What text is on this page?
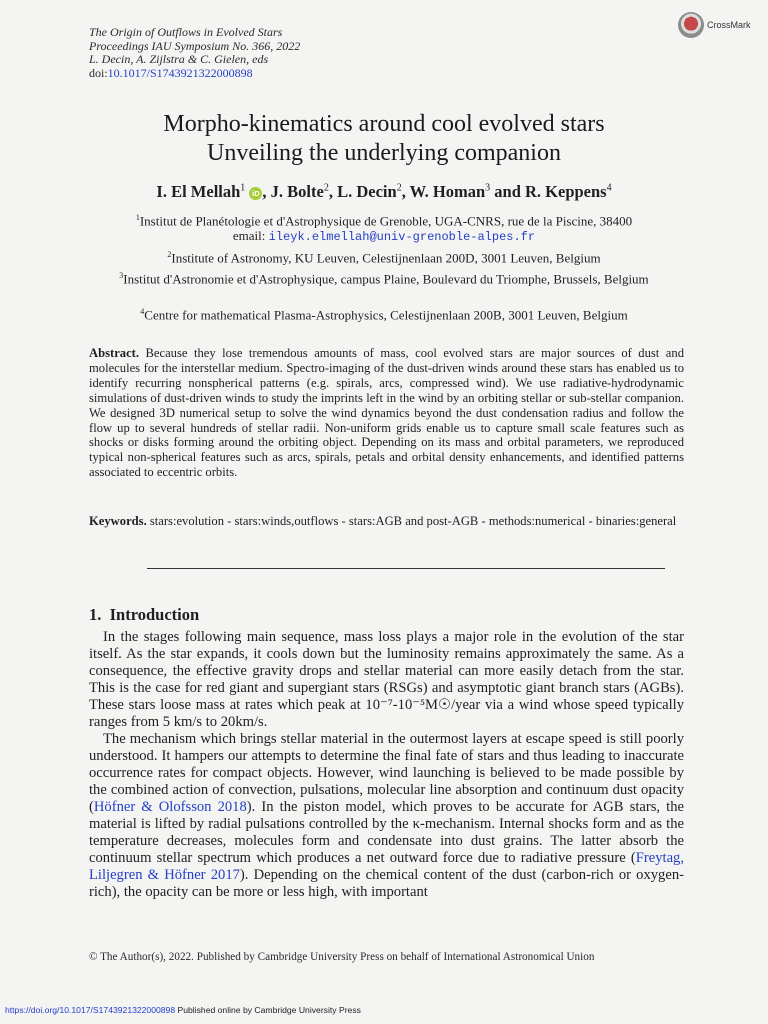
The Origin of Outflows in Evolved Stars
Proceedings IAU Symposium No. 366, 2022
L. Decin, A. Zijlstra & C. Gielen, eds
doi:10.1017/S1743921322000898
CrossMark
Morpho-kinematics around cool evolved stars
Unveiling the underlying companion
I. El Mellah$^1$ iD , J. Bolte$^2$, L. Decin$^2$, W. Homan$^3$ and R. Keppens$^4$
$^1$Institut de Planétologie et d'Astrophysique de Grenoble, UGA-CNRS, rue de la Piscine, 38400
email: ileyk.elmellah@univ-grenoble-alpes.fr
$^2$Institute of Astronomy, KU Leuven, Celestijnenlaan 200D, 3001 Leuven, Belgium
$^3$Institut d'Astronomie et d'Astrophysique, campus Plaine, Boulevard du Triomphe, Brussels, Belgium
$^4$Centre for mathematical Plasma-Astrophysics, Celestijnenlaan 200B, 3001 Leuven, Belgium
Abstract. Because they lose tremendous amounts of mass, cool evolved stars are major sources of dust and molecules for the interstellar medium. Spectro-imaging of the dust-driven winds around these stars has enabled us to identify recurring nonspherical patterns (e.g. spirals, arcs, compressed wind). We use radiative-hydrodynamic simulations of dust-driven winds to study the imprints left in the wind by an orbiting stellar or sub-stellar companion. We designed 3D numerical setup to solve the wind dynamics beyond the dust condensation radius and follow the flow up to several hundreds of stellar radii. Non-uniform grids enable us to capture small scale features such as shocks or disks forming around the orbiting object. Depending on its mass and orbital parameters, we reproduced typical non-spherical features such as arcs, spirals, petals and orbital density enhancements, and identified patterns associated to eccentric orbits.
Keywords. stars:evolution - stars:winds,outflows - stars:AGB and post-AGB - methods:numerical - binaries:general
1. Introduction

In the stages following main sequence, mass loss plays a major role in the evolution of the star itself. As the star expands, it cools down but the luminosity remains approximately the same. As a consequence, the effective gravity drops and stellar material can more easily detach from the star. This is the case for red giant and supergiant stars (RSGs) and asymptotic giant branch stars (AGBs). These stars loose mass at rates which peak at 10⁻⁷-10⁻⁵M☉/year via a wind whose speed typically ranges from 5 km/s to 20km/s.

The mechanism which brings stellar material in the outermost layers at escape speed is still poorly understood. It hampers our attempts to determine the final fate of stars and thus leading to inaccurate occurrence rates for compact objects. However, wind launching is believed to be made possible by the combined action of convection, pulsations, molecular line absorption and continuum dust opacity (Höfner & Olofsson 2018). In the piston model, which proves to be accurate for AGB stars, the material is lifted by radial pulsations controlled by the κ-mechanism. Internal shocks form and as the temperature decreases, molecules form and condensate into dust grains. The latter absorb the continuum stellar spectrum which produces a net outward force due to radiative pressure (Freytag, Liljegren & Höfner 2017). Depending on the chemical content of the dust (carbon-rich or oxygen-rich), the opacity can be more or less high, with important

© The Author(s), 2022. Published by Cambridge University Press on behalf of International Astronomical Union
https://doi.org/10.1017/S1743921322000898 Published online by Cambridge University Press
